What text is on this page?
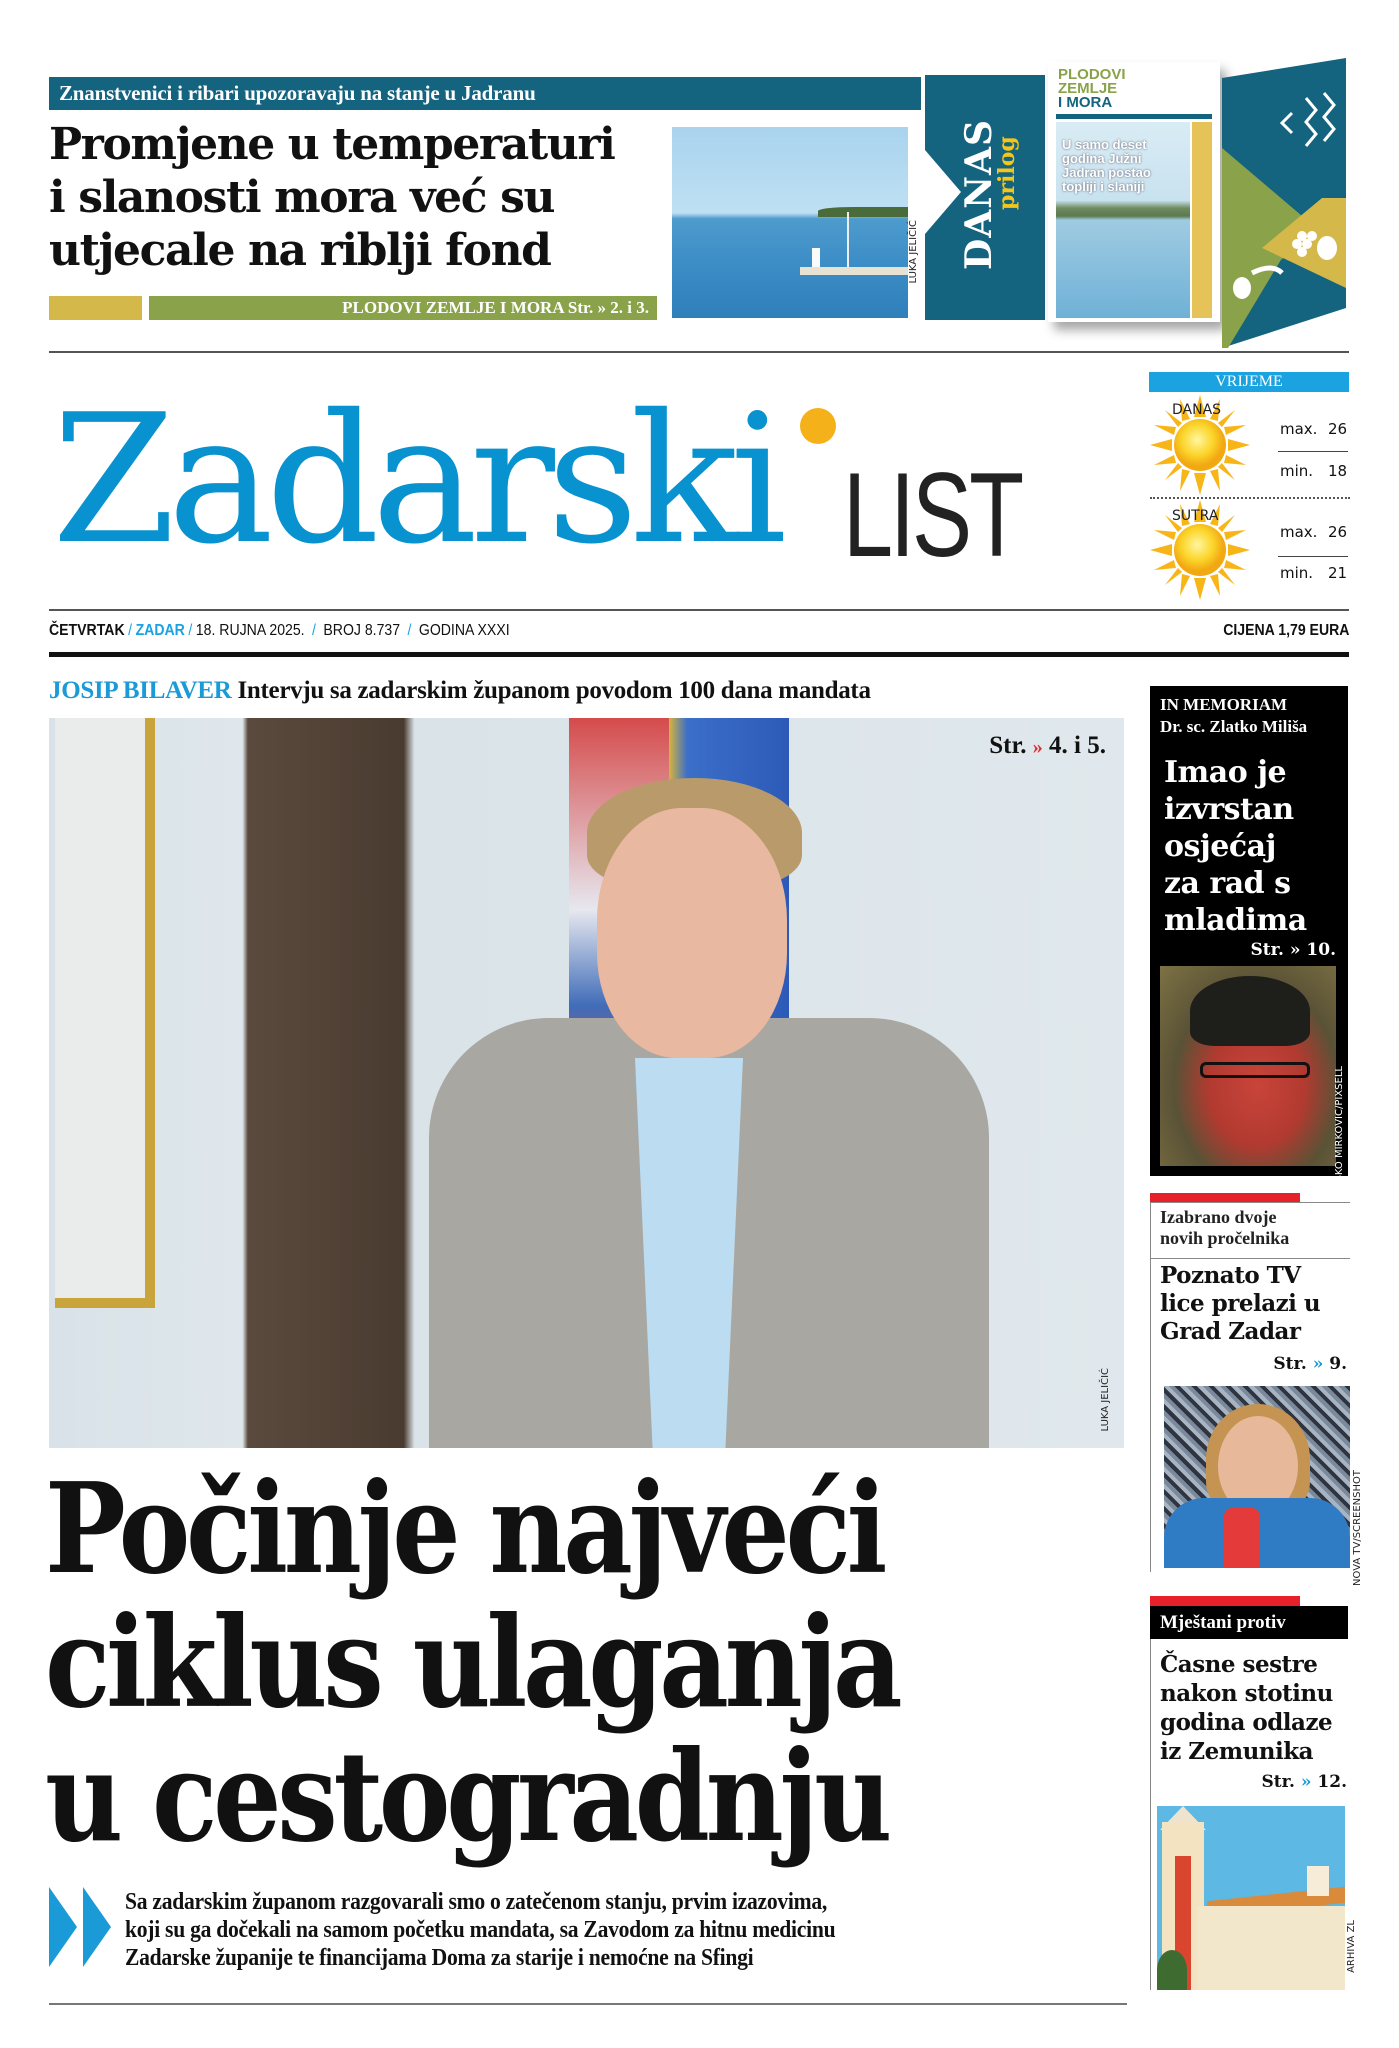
Znanstvenici i ribari upozoravaju na stanje u Jadranu
Promjene u temperaturi
i slanosti mora već su
utjecale na riblji fond
PLODOVI ZEMLJE I MORA Str. » 2. i 3.
LUKA JELIČIĆ DANAS
prilog
PLODOVI
ZEMLJE
I MORA
U samo deset
godina Južni
Jadran postao
topliji i slaniji
Zadarski LIST
VRIJEME
DANAS
max. 26
min. 18
SUTRA
max. 26
min. 21
ČETVRTAK / ZADAR / 18. RUJNA 2025. / BROJ 8.737 / GODINA XXXI	CIJENA 1,79 EURA
JOSIP BILAVER Intervju sa zadarskim županom povodom 100 dana mandata
Str. » 4. i 5.
LUKA JELIČIĆ
Počinje najveći
ciklus ulaganja
u cestogradnju
Sa zadarskim županom razgovarali smo o zatečenom stanju, prvim izazovima,
koji su ga dočekali na samom početku mandata, sa Zavodom za hitnu medicinu
Zadarske županije te financijama Doma za starije i nemoćne na Sfingi
IN MEMORIAM
Dr. sc. Zlatko Miliša
Imao je
izvrstan
osjećaj
za rad s
mladima
Str. » 10.
DUSKO MIRKOVIC/PIXSELL
Izabrano dvoje
novih pročelnika
Poznato TV
lice prelazi u
Grad Zadar
Str. » 9.
NOVA TV/SCREENSHOT
Mještani protiv
Časne sestre
nakon stotinu
godina odlaze
iz Zemunika
Str. » 12.
ARHIVA ZL
